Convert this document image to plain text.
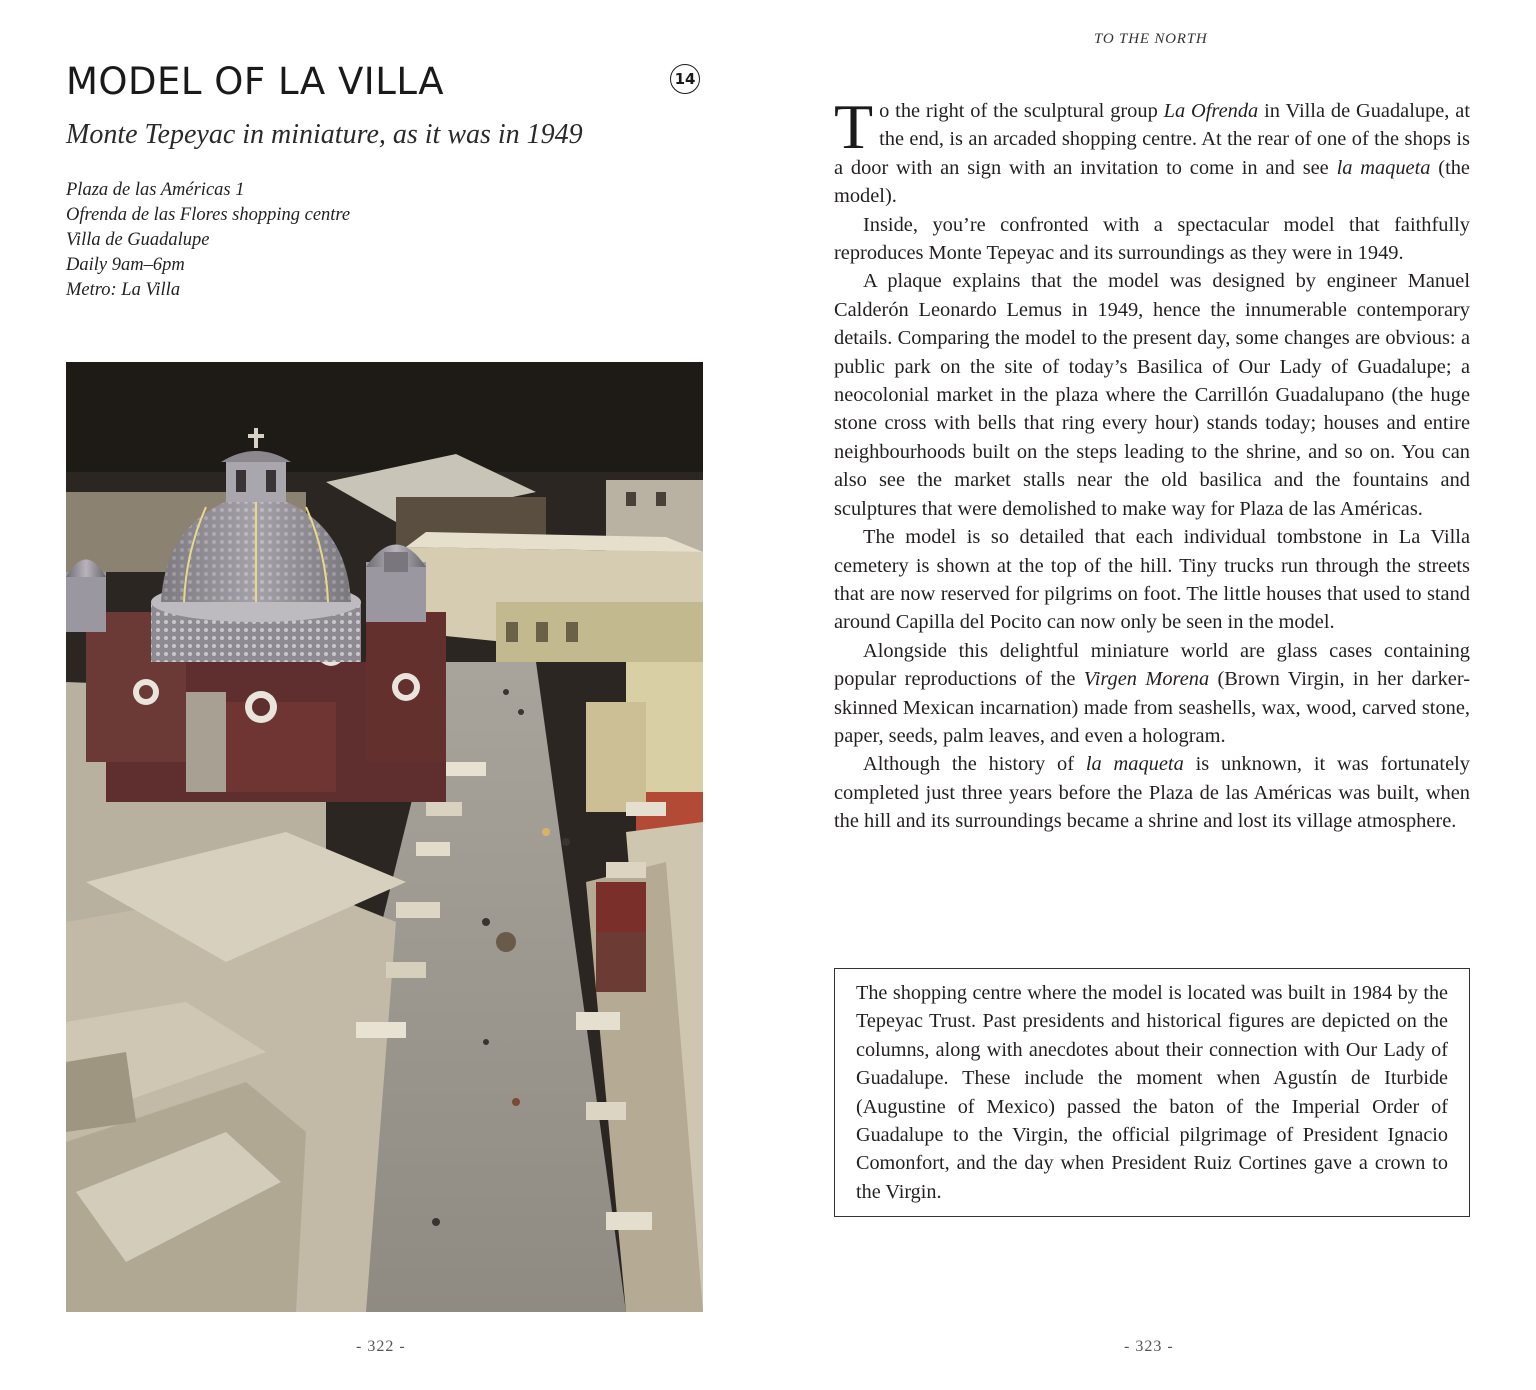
MODEL OF LA VILLA	14
Monte Tepeyac in miniature, as it was in 1949
Plaza de las Américas 1
Ofrenda de las Flores shopping centre
Villa de Guadalupe
Daily 9am–6pm
Metro: La Villa
- 322 -
TO THE NORTH

To the right of the sculptural group La Ofrenda in Villa de Guadalupe, at the end, is an arcaded shopping centre. At the rear of one of the shops is a door with an sign with an invitation to come in and see la maqueta (the model).

Inside, you’re confronted with a spectacular model that faithfully reproduces Monte Tepeyac and its surroundings as they were in 1949.

A plaque explains that the model was designed by engineer Manuel Calderón Leonardo Lemus in 1949, hence the innumerable contemporary details. Comparing the model to the present day, some changes are obvious: a public park on the site of today’s Basilica of Our Lady of Guadalupe; a neocolonial market in the plaza where the Carrillón Guadalupano (the huge stone cross with bells that ring every hour) stands today; houses and entire neighbourhoods built on the steps leading to the shrine, and so on. You can also see the market stalls near the old basilica and the fountains and sculptures that were demolished to make way for Plaza de las Américas.

The model is so detailed that each individual tombstone in La Villa cemetery is shown at the top of the hill. Tiny trucks run through the streets that are now reserved for pilgrims on foot. The little houses that used to stand around Capilla del Pocito can now only be seen in the model.

Alongside this delightful miniature world are glass cases containing popular reproductions of the Virgen Morena (Brown Virgin, in her darker-skinned Mexican incarnation) made from seashells, wax, wood, carved stone, paper, seeds, palm leaves, and even a hologram.

Although the history of la maqueta is unknown, it was fortunately completed just three years before the Plaza de las Américas was built, when the hill and its surroundings became a shrine and lost its village atmosphere.

The shopping centre where the model is located was built in 1984 by the Tepeyac Trust. Past presidents and historical figures are depicted on the columns, along with anecdotes about their connection with Our Lady of Guadalupe. These include the moment when Agustín de Iturbide (Augustine of Mexico) passed the baton of the Imperial Order of Guadalupe to the Virgin, the official pilgrimage of President Ignacio Comonfort, and the day when President Ruiz Cortines gave a crown to the Virgin.

- 323 -
